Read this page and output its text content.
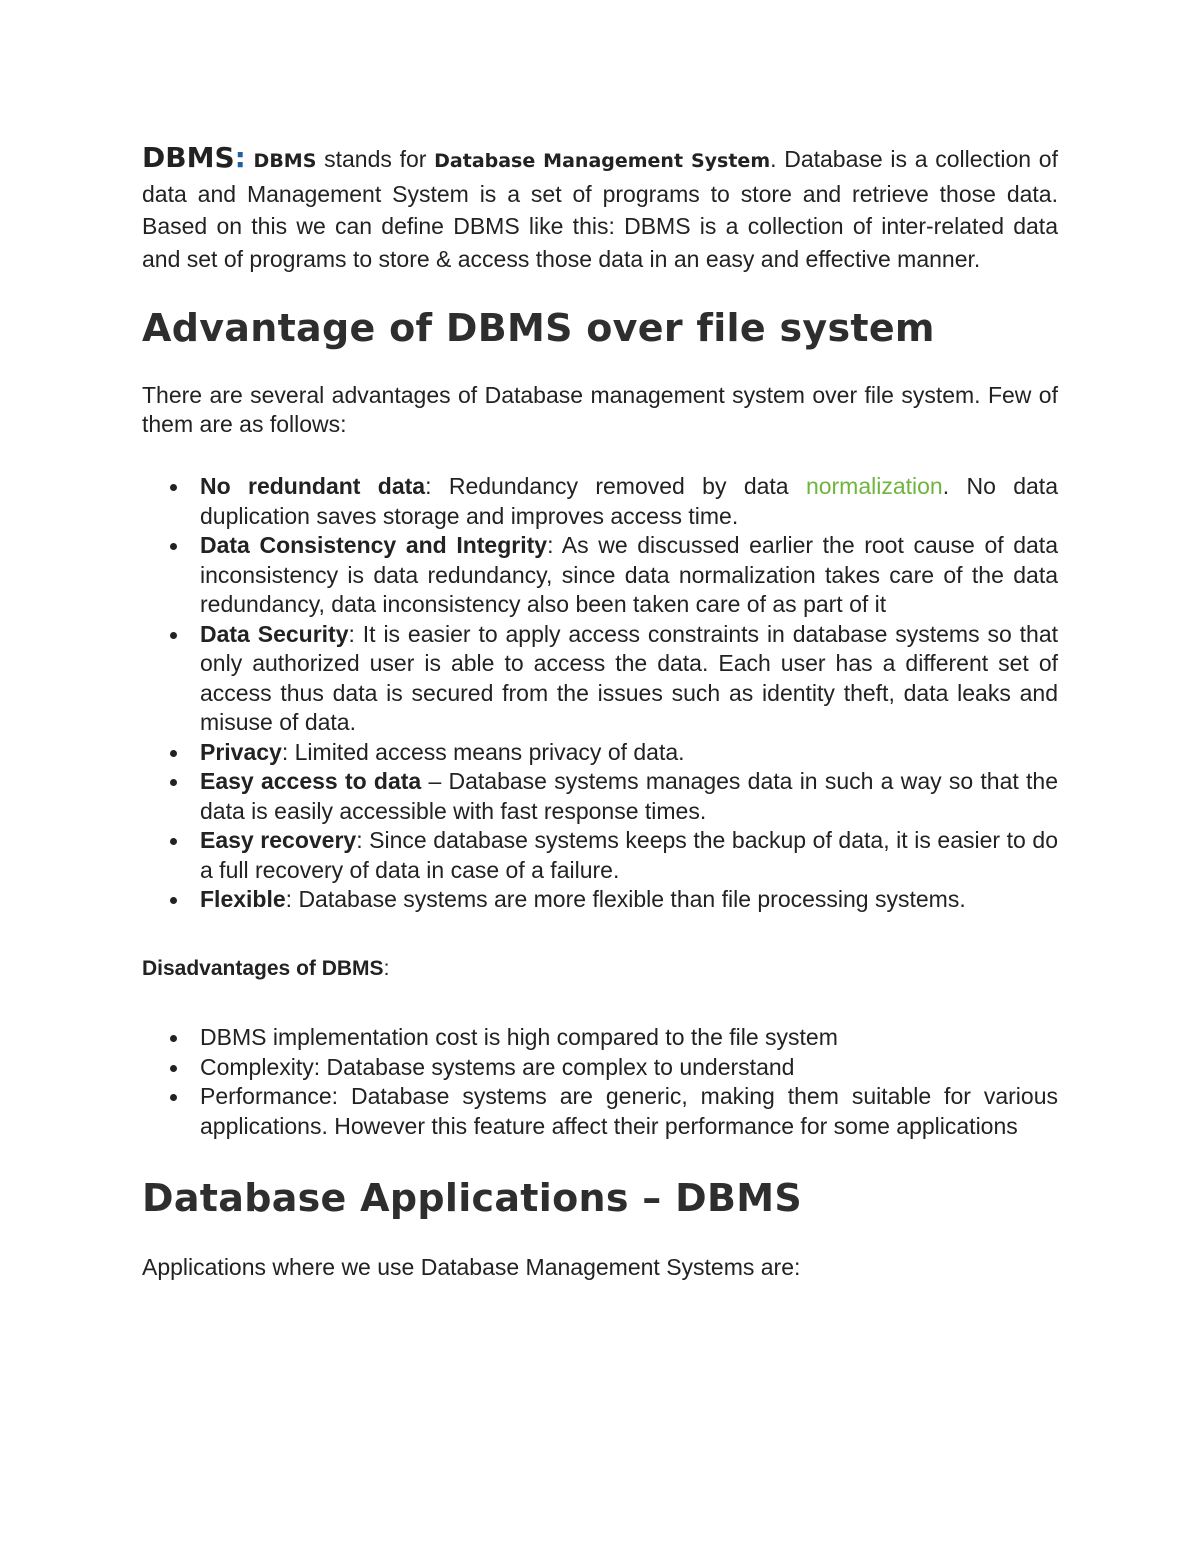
DBMS: DBMS stands for Database Management System. Database is a collection of data and Management System is a set of programs to store and retrieve those data. Based on this we can define DBMS like this: DBMS is a collection of inter-related data and set of programs to store & access those data in an easy and effective manner.

Advantage of DBMS over file system

There are several advantages of Database management system over file system. Few of them are as follows:

No redundant data: Redundancy removed by data normalization. No data duplication saves storage and improves access time.
Data Consistency and Integrity: As we discussed earlier the root cause of data inconsistency is data redundancy, since data normalization takes care of the data redundancy, data inconsistency also been taken care of as part of it
Data Security: It is easier to apply access constraints in database systems so that only authorized user is able to access the data. Each user has a different set of access thus data is secured from the issues such as identity theft, data leaks and misuse of data.
Privacy: Limited access means privacy of data.
Easy access to data – Database systems manages data in such a way so that the data is easily accessible with fast response times.
Easy recovery: Since database systems keeps the backup of data, it is easier to do a full recovery of data in case of a failure.
Flexible: Database systems are more flexible than file processing systems.

Disadvantages of DBMS:

DBMS implementation cost is high compared to the file system
Complexity: Database systems are complex to understand
Performance: Database systems are generic, making them suitable for various applications. However this feature affect their performance for some applications
Database Applications – DBMS

Applications where we use Database Management Systems are:
